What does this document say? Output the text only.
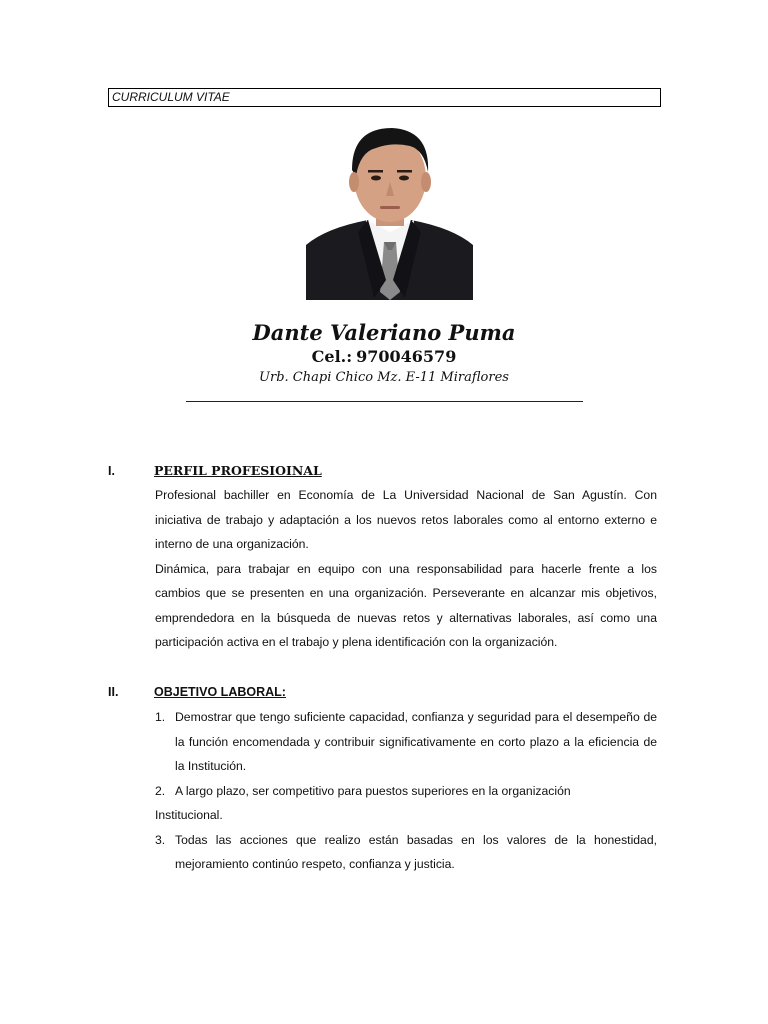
CURRICULUM VITAE
Dante Valeriano Puma
Cel.: 970046579
Urb. Chapi Chico Mz. E-11 Miraflores
I.	PERFIL PROFESIOINAL

Profesional bachiller en Economía de La Universidad Nacional de San Agustín. Con iniciativa de trabajo y adaptación a los nuevos retos laborales como al entorno externo e interno de una organización.

Dinámica, para trabajar en equipo con una responsabilidad para hacerle frente a los cambios que se presenten en una organización. Perseverante en alcanzar mis objetivos, emprendedora en la búsqueda de nuevas retos y alternativas laborales, así como una participación activa en el trabajo y plena identificación con la organización.

II.	OBJETIVO LABORAL:
1. Demostrar que tengo suficiente capacidad, confianza y seguridad para el desempeño de la función encomendada y contribuir significativamente en corto plazo a la eficiencia de la Institución.
2. A largo plazo, ser competitivo para puestos superiores en la organización
Institucional.
3. Todas las acciones que realizo están basadas en los valores de la honestidad, mejoramiento continúo respeto, confianza y justicia.
